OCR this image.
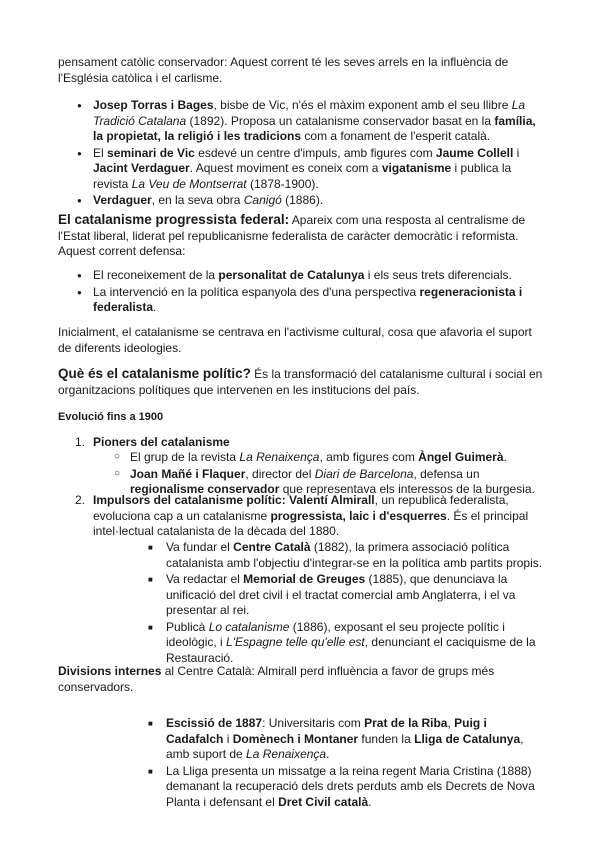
pensament catòlic conservador: Aquest corrent té les seves arrels en la influència de l'Església catòlica i el carlisme.

● Josep Torras i Bages, bisbe de Vic, n'és el màxim exponent amb el seu llibre La Tradició Catalana (1892). Proposa un catalanisme conservador basat en la família, la propietat, la religió i les tradicions com a fonament de l'esperit català.
● El seminari de Vic esdevé un centre d'impuls, amb figures com Jaume Collell i Jacint Verdaguer. Aquest moviment es coneix com a vigatanisme i publica la revista La Veu de Montserrat (1878-1900).
● Verdaguer, en la seva obra Canigó (1886).

El catalanisme progressista federal: Apareix com una resposta al centralisme de l'Estat liberal, liderat pel republicanisme federalista de caràcter democràtic i reformista. Aquest corrent defensa:

● El reconeixement de la personalitat de Catalunya i els seus trets diferencials.
● La intervenció en la política espanyola des d'una perspectiva regeneracionista i federalista.

Inicialment, el catalanisme se centrava en l'activisme cultural, cosa que afavoria el suport de diferents ideologies.

Què és el catalanisme polític? És la transformació del catalanisme cultural i social en organitzacions polítiques que intervenen en les institucions del país.

Evolució fins a 1900
1. Pioners del catalanisme
○ El grup de la revista La Renaixença, amb figures com Àngel Guimerà.
○ Joan Mañé i Flaquer, director del Diari de Barcelona, defensa un regionalisme conservador que representava els interessos de la burgesia.
2. Impulsors del catalanisme polític: Valentí Almirall, un republicà federalista, evoluciona cap a un catalanisme progressista, laic i d'esquerres. És el principal intel·lectual catalanista de la dècada del 1880.
■ Va fundar el Centre Català (1882), la primera associació política catalanista amb l'objectiu d'integrar-se en la política amb partits propis.
■ Va redactar el Memorial de Greuges (1885), que denunciava la unificació del dret civil i el tractat comercial amb Anglaterra, i el va presentar al rei.
■ Publicà Lo catalanisme (1886), exposant el seu projecte polític i ideològic, i L'Espagne telle qu'elle est, denunciant el caciquisme de la Restauració.

Divisions internes al Centre Català: Almirall perd influència a favor de grups més conservadors.

■ Escissió de 1887: Universitaris com Prat de la Riba, Puig i Cadafalch i Domènech i Montaner funden la Lliga de Catalunya, amb suport de La Renaixença.
■ La Lliga presenta un missatge a la reina regent Maria Cristina (1888) demanant la recuperació dels drets perduts amb els Decrets de Nova Planta i defensant el Dret Civil català.
